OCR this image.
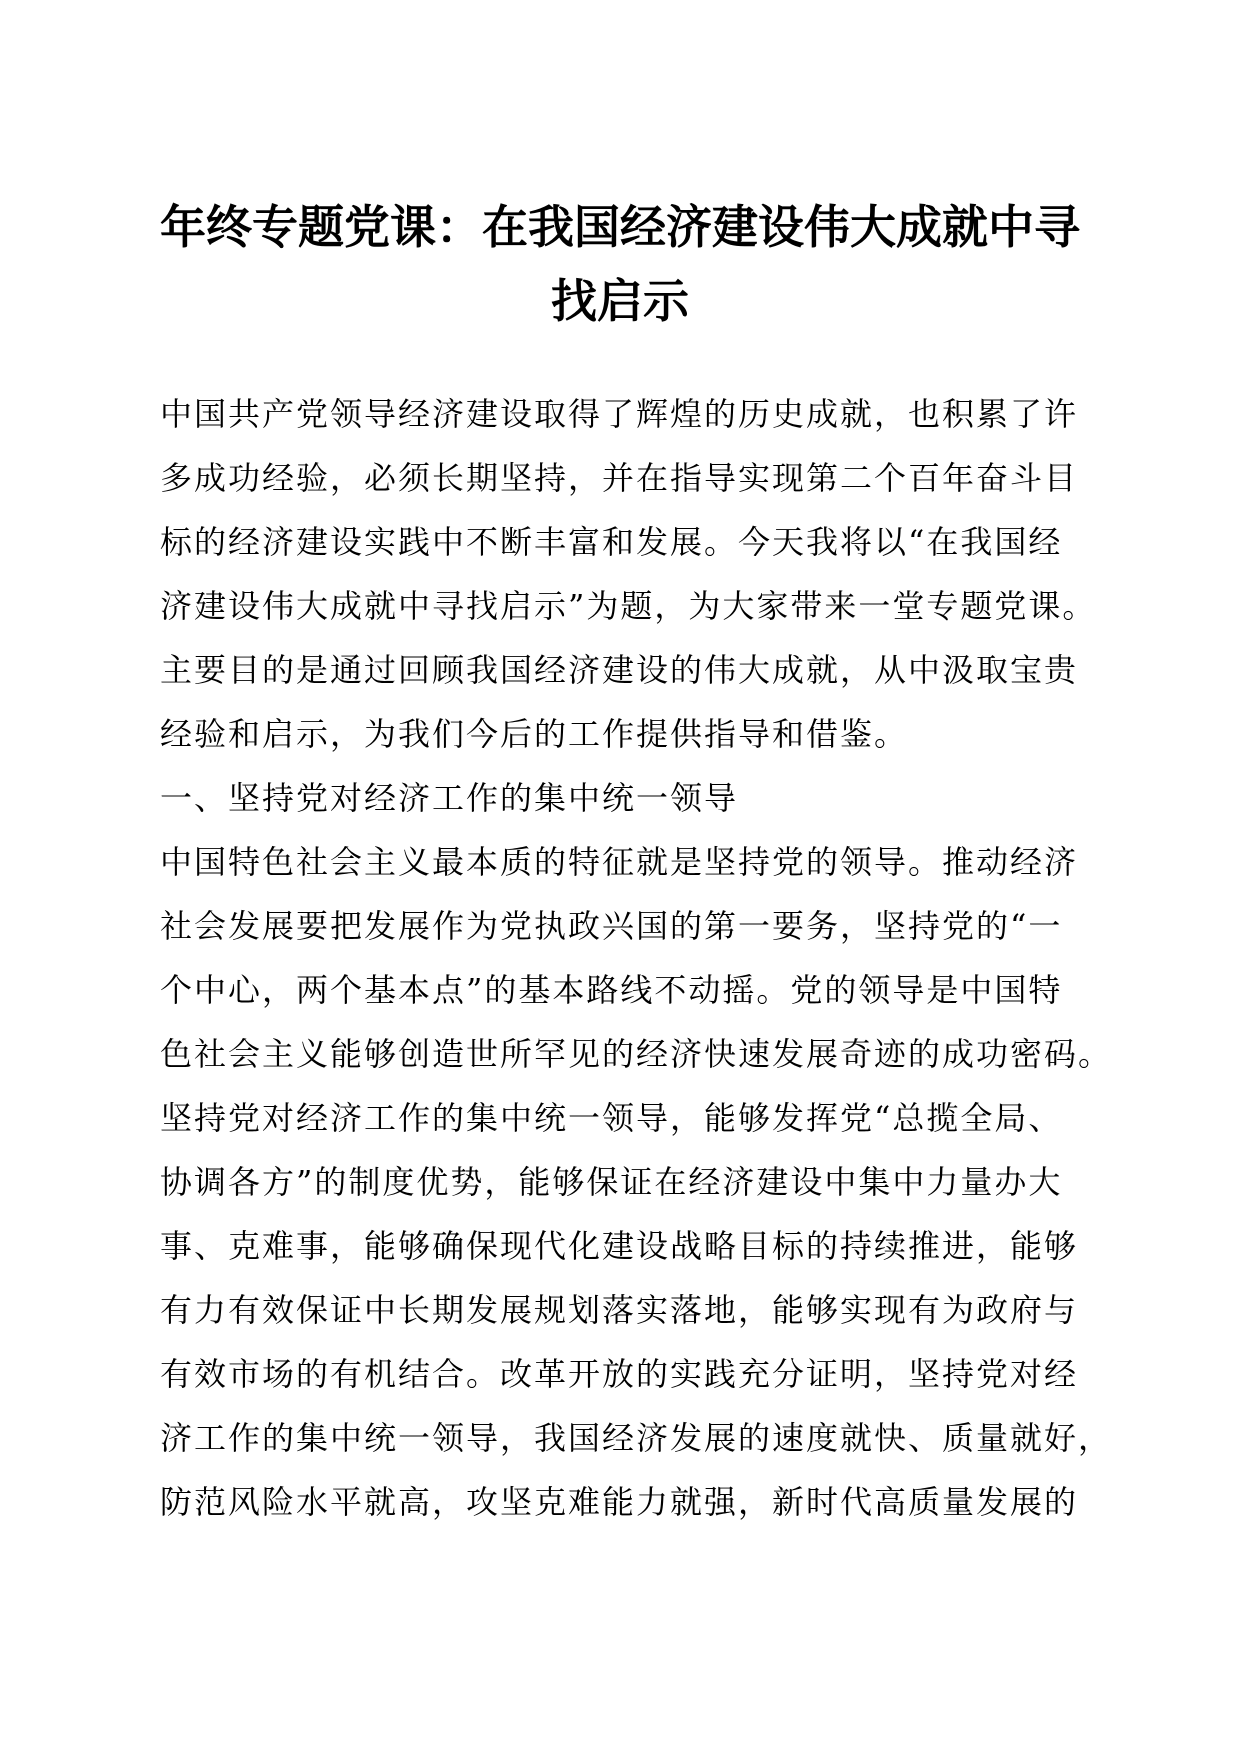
年终专题党课：在我国经济建设伟大成就中寻
找启示
中国共产党领导经济建设取得了辉煌的历史成就，也积累了许
多成功经验，必须长期坚持，并在指导实现第二个百年奋斗目
标的经济建设实践中不断丰富和发展。今天我将以“在我国经
济建设伟大成就中寻找启示”为题，为大家带来一堂专题党课。
主要目的是通过回顾我国经济建设的伟大成就，从中汲取宝贵
经验和启示，为我们今后的工作提供指导和借鉴。
一、坚持党对经济工作的集中统一领导
中国特色社会主义最本质的特征就是坚持党的领导。推动经济
社会发展要把发展作为党执政兴国的第一要务，坚持党的“一
个中心，两个基本点”的基本路线不动摇。党的领导是中国特
色社会主义能够创造世所罕见的经济快速发展奇迹的成功密码。
坚持党对经济工作的集中统一领导，能够发挥党“总揽全局、
协调各方”的制度优势，能够保证在经济建设中集中力量办大
事、克难事，能够确保现代化建设战略目标的持续推进，能够
有力有效保证中长期发展规划落实落地，能够实现有为政府与
有效市场的有机结合。改革开放的实践充分证明，坚持党对经
济工作的集中统一领导，我国经济发展的速度就快、质量就好，
防范风险水平就高，攻坚克难能力就强，新时代高质量发展的
